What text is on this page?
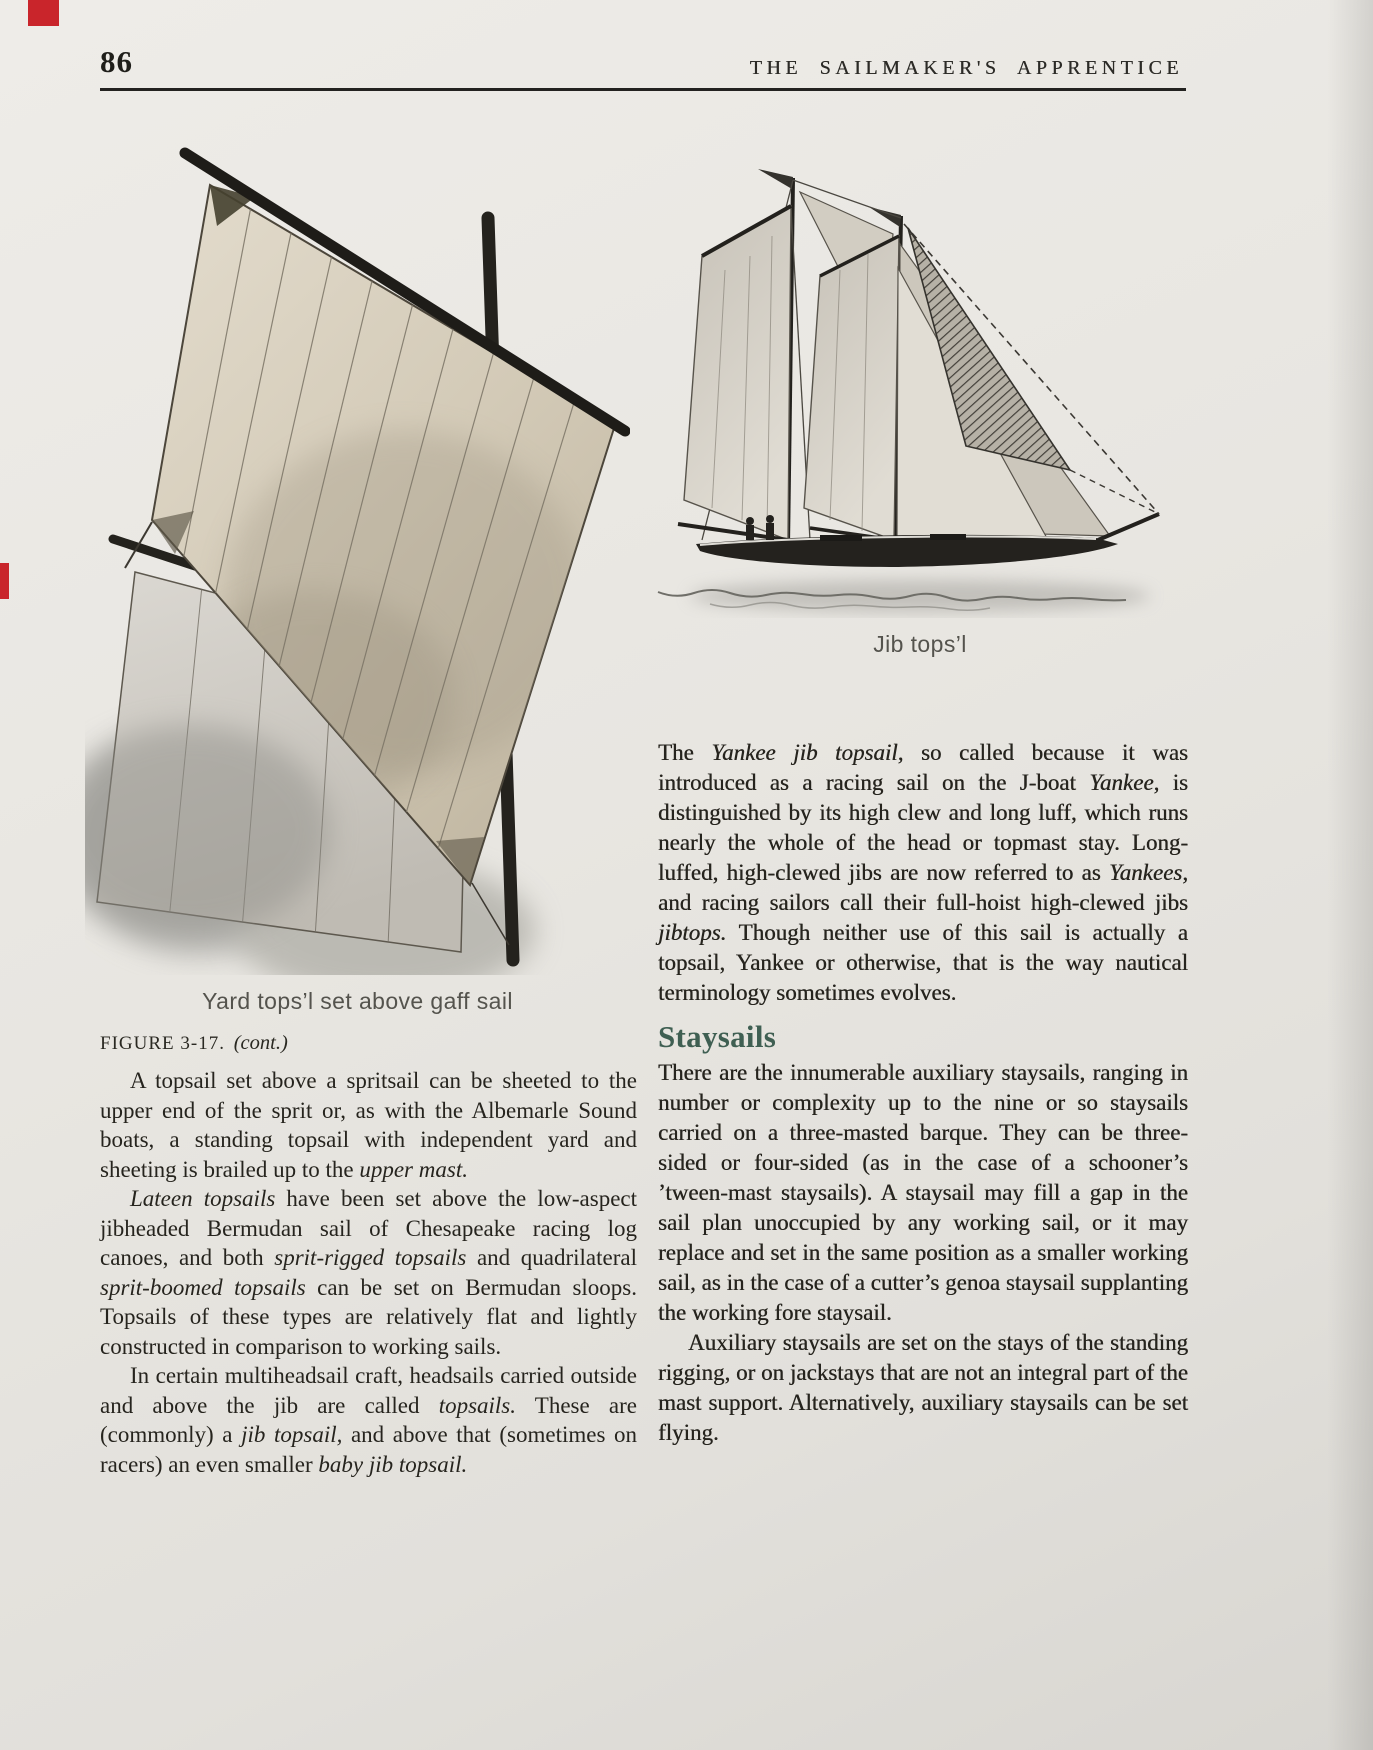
86	THE SAILMAKER'S APPRENTICE
Yard tops’l set above gaff sail
Jib tops’l
FIGURE 3-17. (cont.)

A topsail set above a spritsail can be sheeted to the upper end of the sprit or, as with the Albemarle Sound boats, a standing topsail with independent yard and sheeting is brailed up to the upper mast.

Lateen topsails have been set above the low-aspect jibheaded Bermudan sail of Chesapeake racing log canoes, and both sprit-rigged topsails and quadrilateral sprit-boomed topsails can be set on Bermudan sloops. Topsails of these types are relatively flat and lightly constructed in comparison to working sails.

In certain multiheadsail craft, headsails carried outside and above the jib are called topsails. These are (commonly) a jib topsail, and above that (sometimes on racers) an even smaller baby jib topsail.

The Yankee jib topsail, so called because it was introduced as a racing sail on the J-boat Yankee, is distinguished by its high clew and long luff, which runs nearly the whole of the head or topmast stay. Long-luffed, high-clewed jibs are now referred to as Yankees, and racing sailors call their full-hoist high-clewed jibs jibtops. Though neither use of this sail is actually a topsail, Yankee or otherwise, that is the way nautical terminology sometimes evolves.

Staysails

There are the innumerable auxiliary staysails, ranging in number or complexity up to the nine or so staysails carried on a three-masted barque. They can be three-sided or four-sided (as in the case of a schooner’s ’tween-mast staysails). A staysail may fill a gap in the sail plan unoccupied by any working sail, or it may replace and set in the same position as a smaller working sail, as in the case of a cutter’s genoa staysail supplanting the working fore staysail.

Auxiliary staysails are set on the stays of the standing rigging, or on jackstays that are not an integral part of the mast support. Alternatively, auxiliary staysails can be set flying.
